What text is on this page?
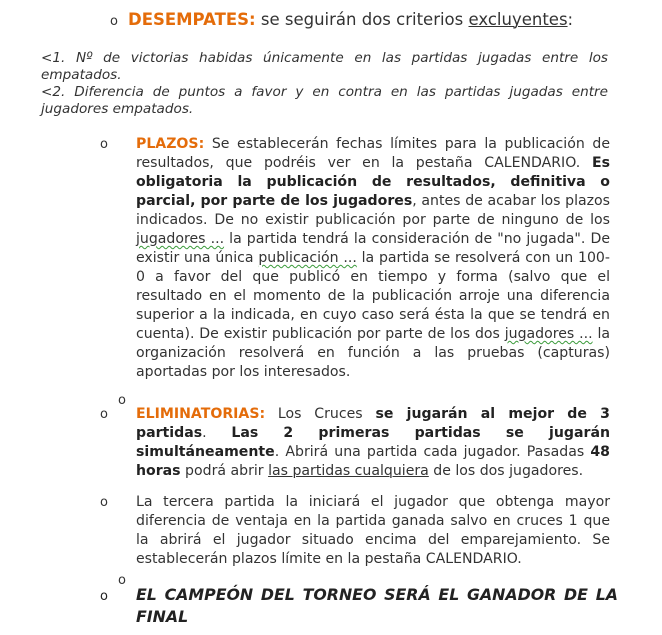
o DESEMPATES: se seguirán dos criterios excluyentes:
<1. Nº de victorias habidas únicamente en las partidas jugadas entre los
empatados.
<2. Diferencia de puntos a favor y en contra en las partidas jugadas entre
jugadores empatados.
o PLAZOS: Se establecerán fechas límites para la publicación de resultados, que podréis ver en la pestaña CALENDARIO. Es obligatoria la publicación de resultados, definitiva o parcial, por parte de los jugadores, antes de acabar los plazos indicados. De no existir publicación por parte de ninguno de los jugadores ... la partida tendrá la consideración de "no jugada". De existir una única publicación ... la partida se resolverá con un 100-0 a favor del que publicó en tiempo y forma (salvo que el resultado en el momento de la publicación arroje una diferencia superior a la indicada, en cuyo caso será ésta la que se tendrá en cuenta). De existir publicación por parte de los dos jugadores ... la organización resolverá en función a las pruebas (capturas) aportadas por los interesados.
o
o ELIMINATORIAS: Los Cruces se jugarán al mejor de 3 partidas. Las 2 primeras partidas se jugarán simultáneamente. Abrirá una partida cada jugador. Pasadas 48 horas podrá abrir las partidas cualquiera de los dos jugadores.
o La tercera partida la iniciará el jugador que obtenga mayor diferencia de ventaja en la partida ganada salvo en cruces 1 que la abrirá el jugador situado encima del emparejamiento. Se establecerán plazos límite en la pestaña CALENDARIO.
o
o EL CAMPEÓN DEL TORNEO SERÁ EL GANADOR DE LA FINAL
